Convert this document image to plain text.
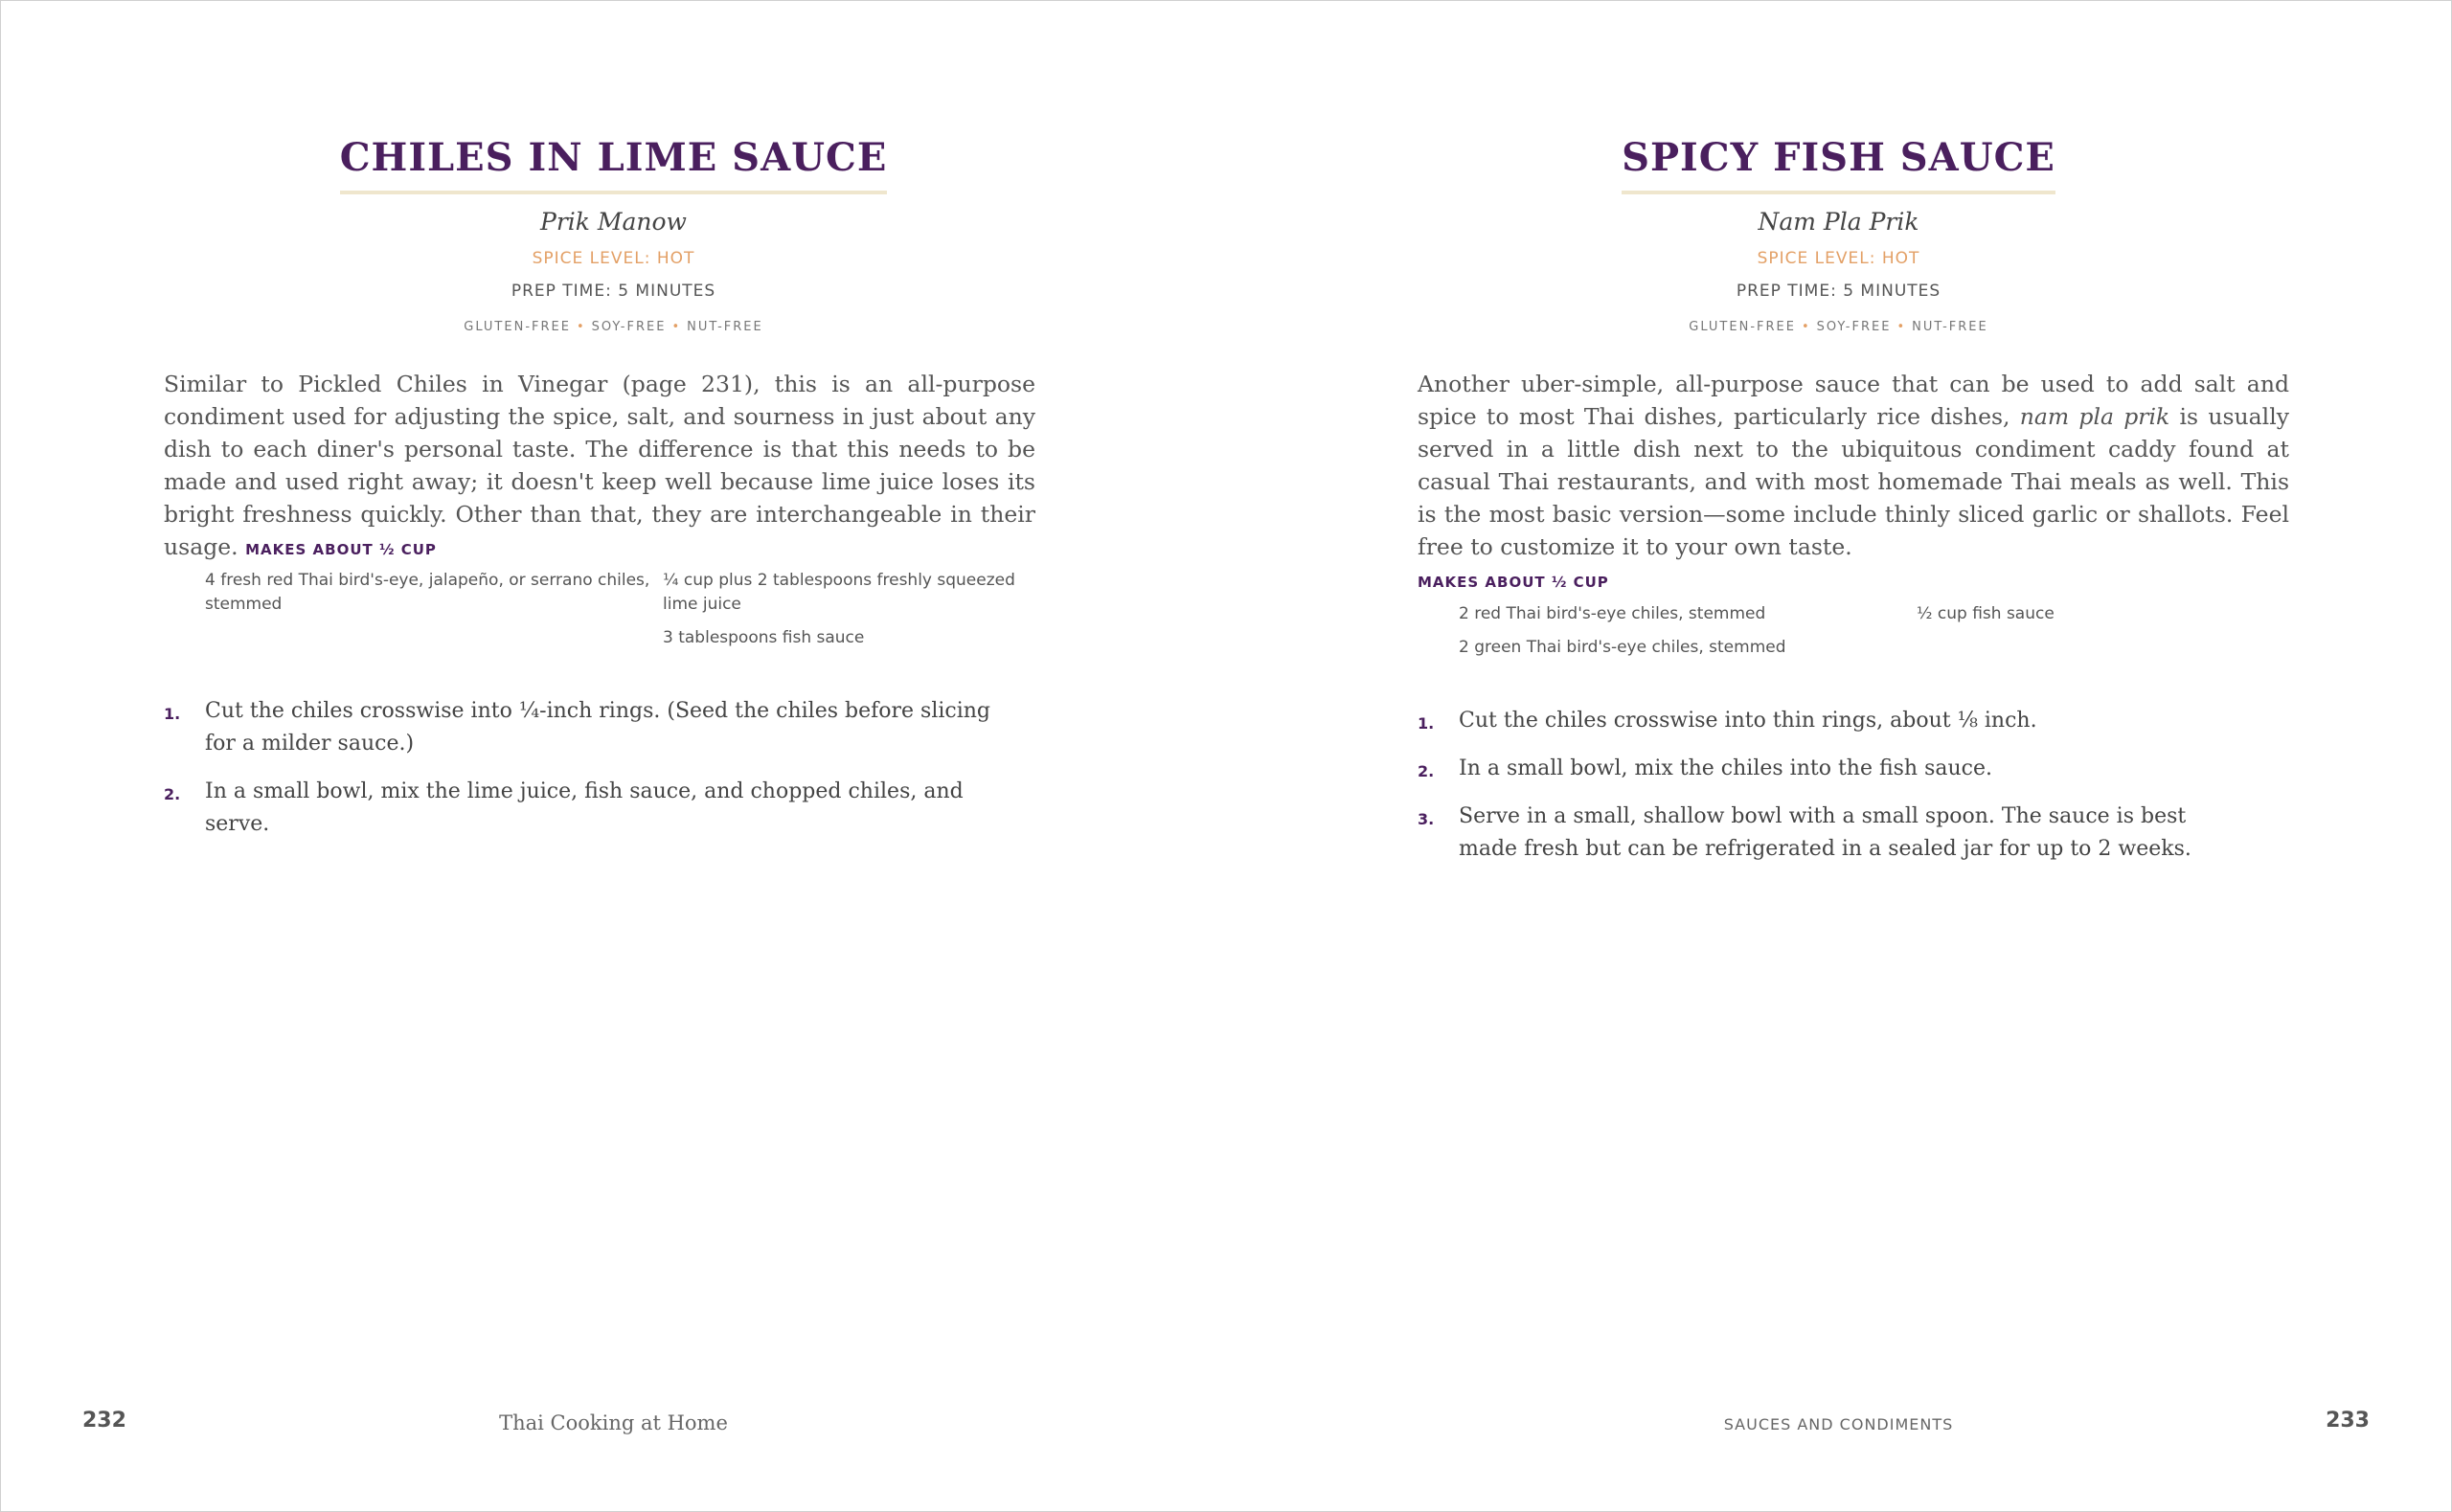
CHILES IN LIME SAUCE
Prik Manow
SPICE LEVEL: HOT
PREP TIME: 5 MINUTES
GLUTEN-FREE • SOY-FREE • NUT-FREE

Similar to Pickled Chiles in Vinegar (page 231), this is an all-purpose condiment used for adjusting the spice, salt, and sourness in just about any dish to each diner's personal taste. The difference is that this needs to be made and used right away; it doesn't keep well because lime juice loses its bright freshness quickly. Other than that, they are interchangeable in their usage. MAKES ABOUT ½ CUP

4 fresh red Thai bird's-eye, jalapeño, or serrano chiles, stemmed
¼ cup plus 2 tablespoons freshly squeezed lime juice
3 tablespoons fish sauce
1. Cut the chiles crosswise into ¼-inch rings. (Seed the chiles before slicing for a milder sauce.)
2. In a small bowl, mix the lime juice, fish sauce, and chopped chiles, and serve.
232	Thai Cooking at Home
SPICY FISH SAUCE
Nam Pla Prik
SPICE LEVEL: HOT
PREP TIME: 5 MINUTES
GLUTEN-FREE • SOY-FREE • NUT-FREE

Another uber-simple, all-purpose sauce that can be used to add salt and spice to most Thai dishes, particularly rice dishes, nam pla prik is usually served in a little dish next to the ubiquitous condiment caddy found at casual Thai restaurants, and with most homemade Thai meals as well. This is the most basic version—some include thinly sliced garlic or shallots. Feel free to customize it to your own taste.
MAKES ABOUT ½ CUP

2 red Thai bird's-eye chiles, stemmed
2 green Thai bird's-eye chiles, stemmed
½ cup fish sauce
1. Cut the chiles crosswise into thin rings, about ⅛ inch.
2. In a small bowl, mix the chiles into the fish sauce.
3. Serve in a small, shallow bowl with a small spoon. The sauce is best made fresh but can be refrigerated in a sealed jar for up to 2 weeks.
SAUCES AND CONDIMENTS	233
